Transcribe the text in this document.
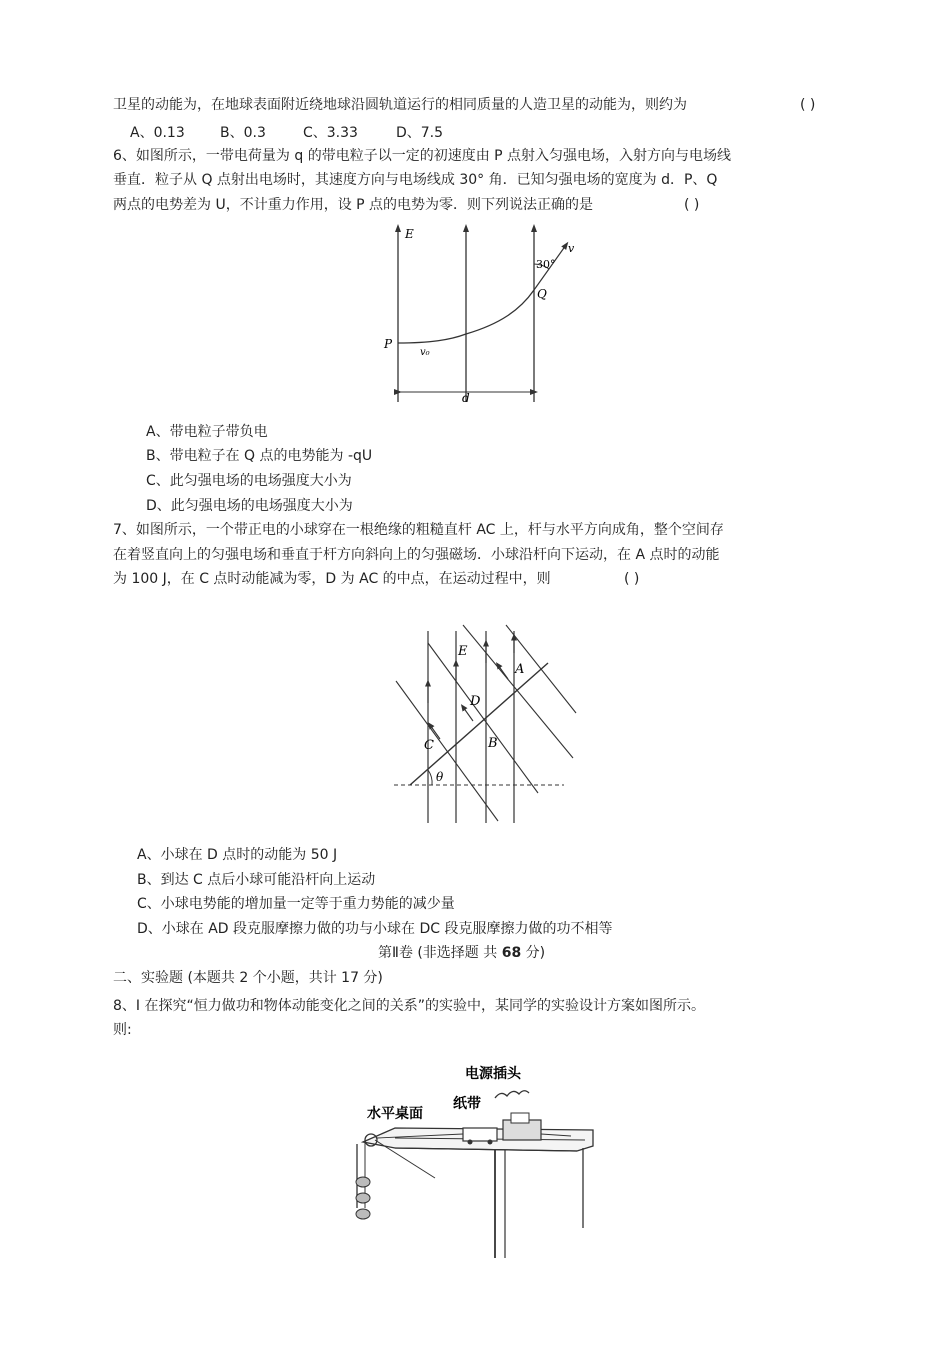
卫星的动能为，在地球表面附近绕地球沿圆轨道运行的相同质量的人造卫星的动能为，则约为	( )
A、0.13	B、0.3	C、3.33	D、7.5
6、如图所示，一带电荷量为 q 的带电粒子以一定的初速度由 P 点射入匀强电场，入射方向与电场线
垂直．粒子从 Q 点射出电场时，其速度方向与电场线成 30° 角．已知匀强电场的宽度为 d．P、Q
两点的电势差为 U，不计重力作用，设 P 点的电势为零．则下列说法正确的是	( )
E
v
30°
Q
P
v₀
d
A、带电粒子带负电
B、带电粒子在 Q 点的电势能为 -qU
C、此匀强电场的电场强度大小为
D、此匀强电场的电场强度大小为
7、如图所示，一个带正电的小球穿在一根绝缘的粗糙直杆 AC 上，杆与水平方向成角，整个空间存
在着竖直向上的匀强电场和垂直于杆方向斜向上的匀强磁场．小球沿杆向下运动，在 A 点时的动能
为 100 J，在 C 点时动能减为零，D 为 AC 的中点，在运动过程中，则	( )
E
A
D
C	B
θ
A、小球在 D 点时的动能为 50 J
B、到达 C 点后小球可能沿杆向上运动
C、小球电势能的增加量一定等于重力势能的减少量
D、小球在 AD 段克服摩擦力做的功与小球在 DC 段克服摩擦力做的功不相等
第Ⅱ卷 (非选择题 共 68 分)
二、实验题 (本题共 2 个小题，共计 17 分)
8、Ⅰ 在探究“恒力做功和物体动能变化之间的关系”的实验中，某同学的实验设计方案如图所示。
则:
电源插头
纸带
水平桌面
